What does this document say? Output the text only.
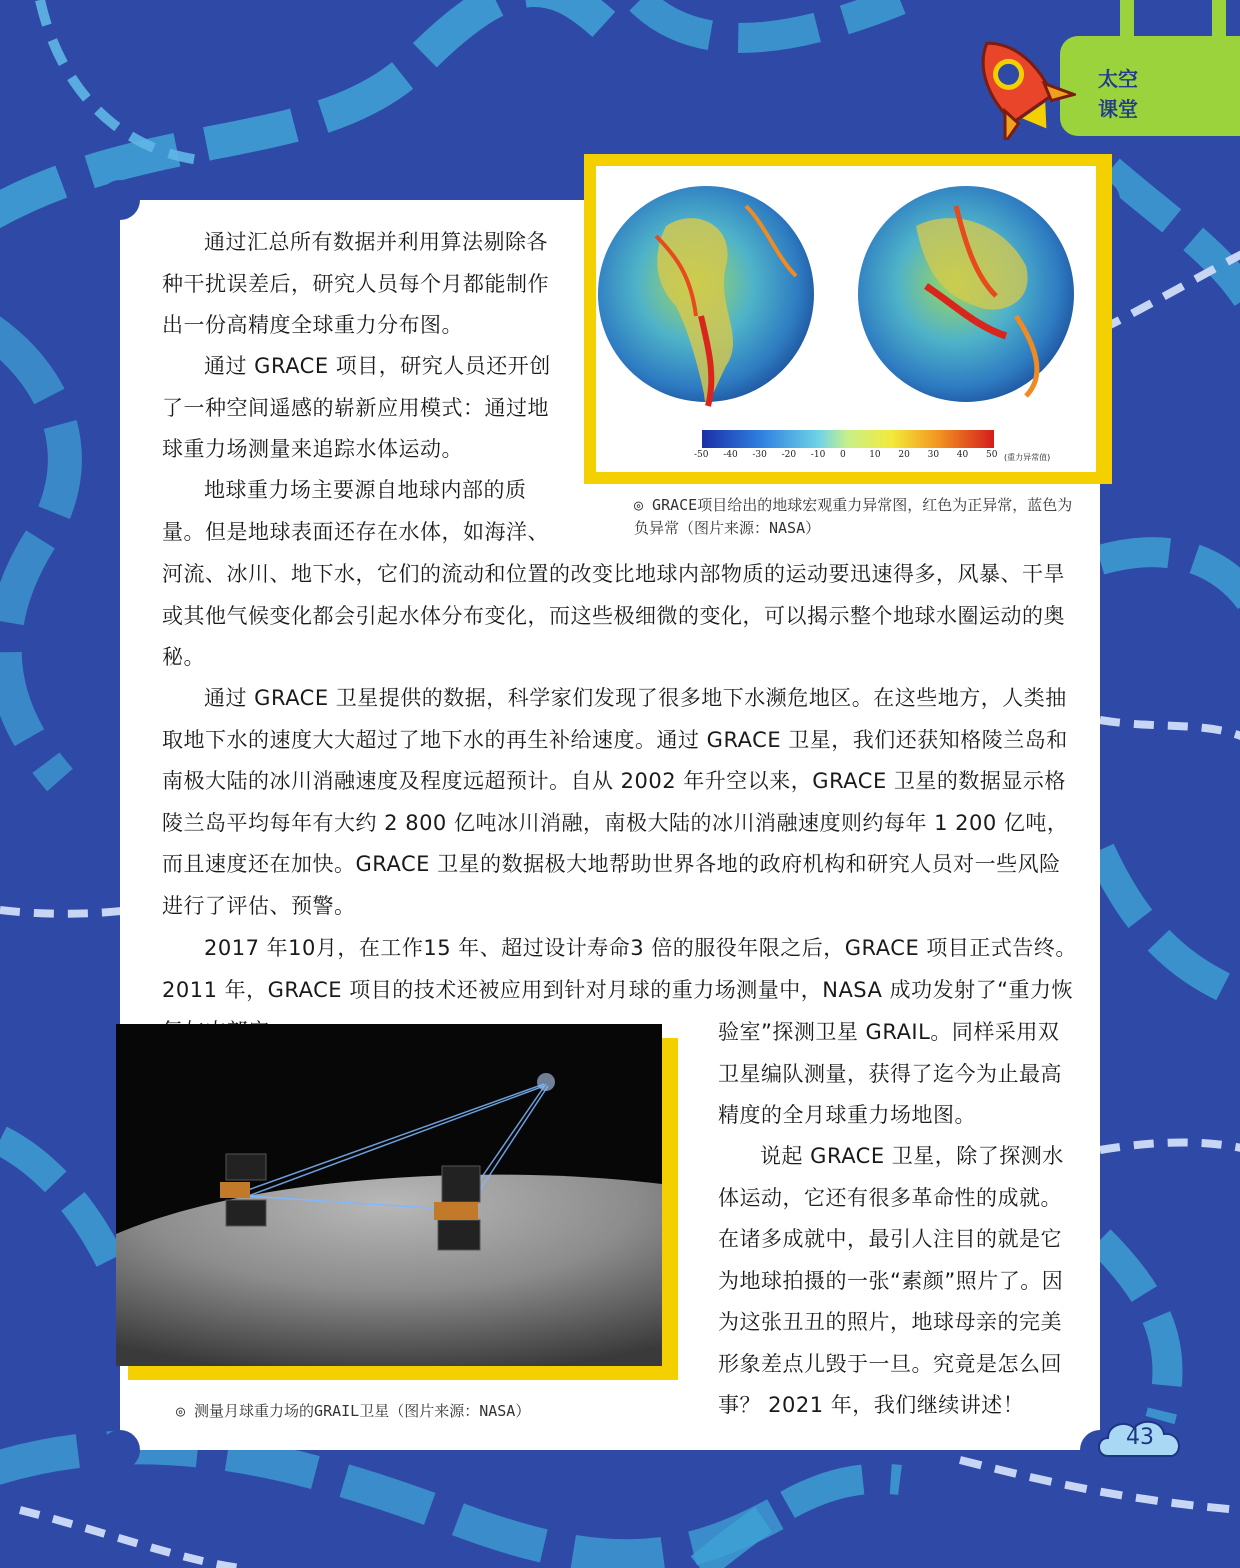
太空课堂
-50 -40 -30 -20 -10 0	10 20 30 40 50 (重力异常值)
◎ GRACE项目给出的地球宏观重力异常图，红色为正异常，蓝色为负异常（图片来源：NASA）

通过汇总所有数据并利用算法剔除各种干扰误差后，研究人员每个月都能制作出一份高精度全球重力分布图。

通过 GRACE 项目，研究人员还开创了一种空间遥感的崭新应用模式：通过地球重力场测量来追踪水体运动。

地球重力场主要源自地球内部的质量。但是地球表面还存在水体，如海洋、

河流、冰川、地下水，它们的流动和位置的改变比地球内部物质的运动要迅速得多，风暴、干旱或其他气候变化都会引起水体分布变化，而这些极细微的变化，可以揭示整个地球水圈运动的奥秘。

通过 GRACE 卫星提供的数据，科学家们发现了很多地下水濒危地区。在这些地方，人类抽取地下水的速度大大超过了地下水的再生补给速度。通过 GRACE 卫星，我们还获知格陵兰岛和南极大陆的冰川消融速度及程度远超预计。自从 2002 年升空以来，GRACE 卫星的数据显示格陵兰岛平均每年有大约 2 800 亿吨冰川消融，南极大陆的冰川消融速度则约每年 1 200 亿吨，而且速度还在加快。GRACE 卫星的数据极大地帮助世界各地的政府机构和研究人员对一些风险进行了评估、预警。

2017 年10月，在工作15 年、超过设计寿命3 倍的服役年限之后，GRACE 项目正式告终。2011 年，GRACE 项目的技术还被应用到针对月球的重力场测量中，NASA 成功发射了“重力恢

验室”探测卫星 GRAIL。同样采用双卫星编队测量，获得了迄今为止最高精度的全月球重力场地图。

说起 GRACE 卫星，除了探测水体运动，它还有很多革命性的成就。在诸多成就中，最引人注目的就是它为地球拍摄的一张“素颜”照片了。因为这张丑丑的照片，地球母亲的完美形象差点儿毁于一旦。究竟是怎么回事？ 2021 年，我们继续讲述！

◎ 测量月球重力场的GRAIL卫星（图片来源：NASA）
43
